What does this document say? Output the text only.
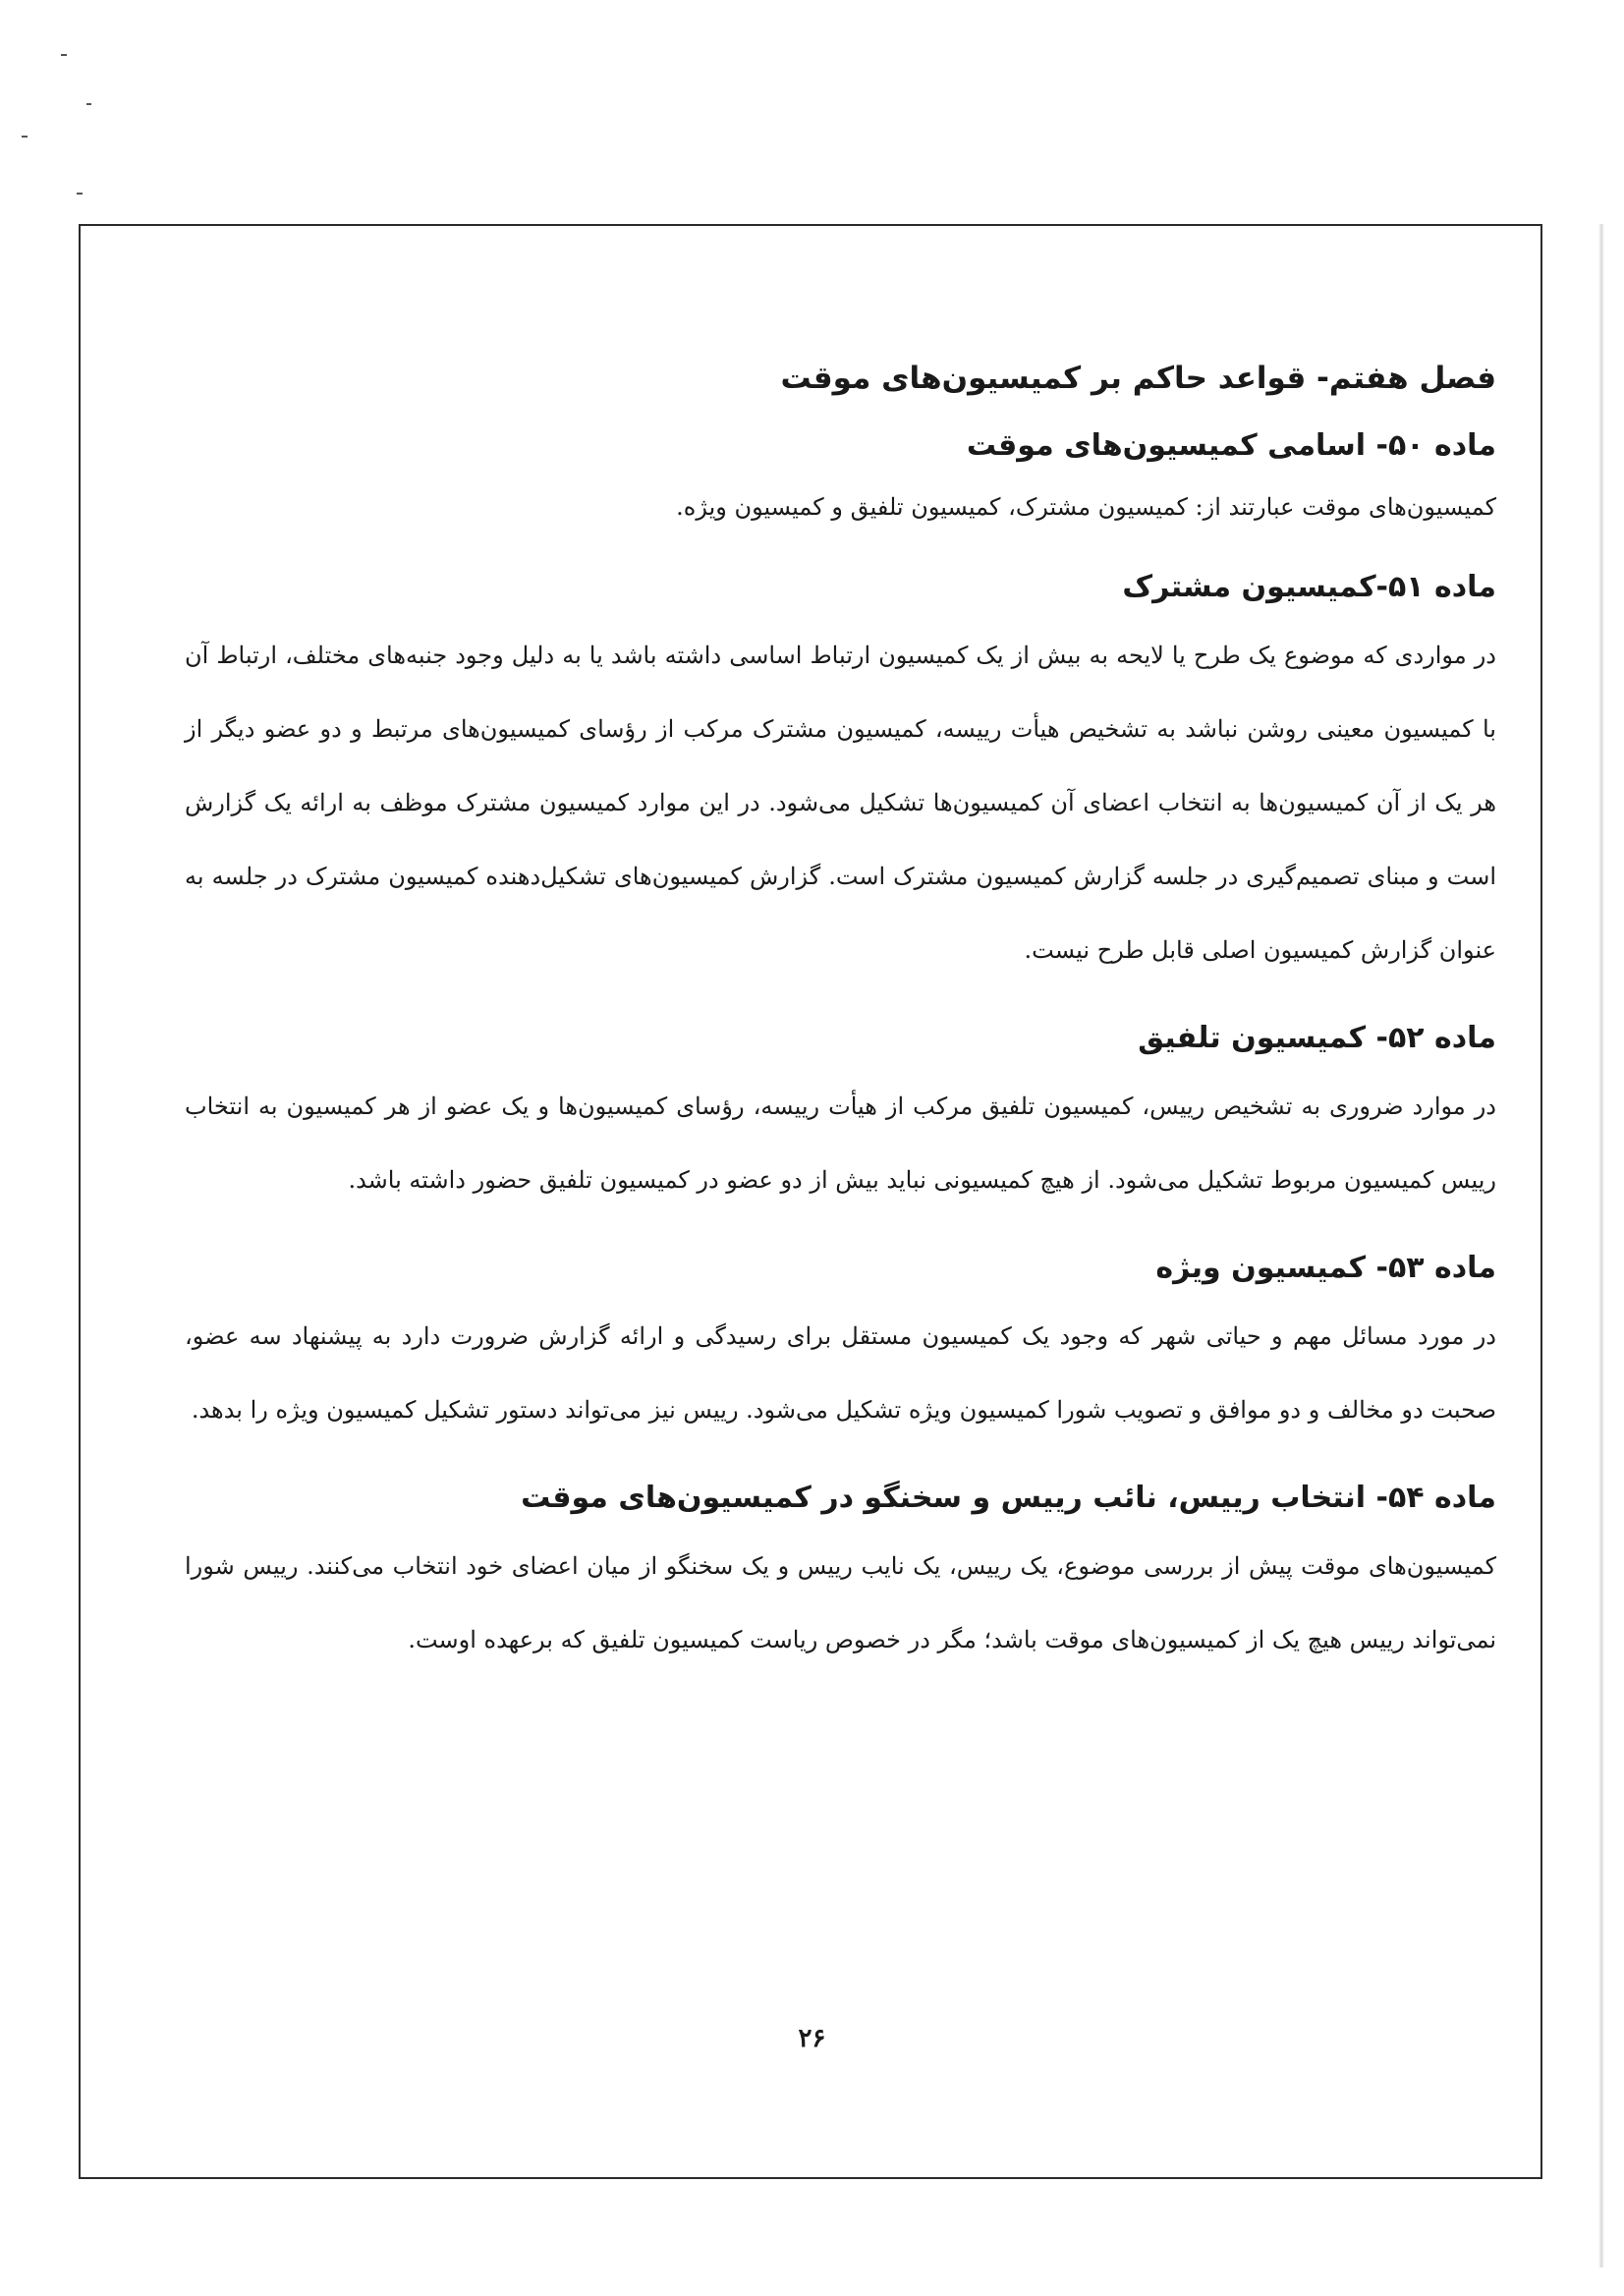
فصل هفتم- قواعد حاکم بر کمیسیون‌های موقت
ماده ۵۰- اسامی کمیسیون‌های موقت

کمیسیون‌های موقت عبارتند از: کمیسیون مشترک، کمیسیون تلفیق و کمیسیون ویژه.

ماده ۵۱-کمیسیون مشترک

در مواردی که موضوع یک طرح یا لایحه به بیش از یک کمیسیون ارتباط اساسی داشته باشد یا به دلیل وجود جنبه‌های مختلف، ارتباط آن با کمیسیون معینی روشن نباشد به تشخیص هیأت رییسه، کمیسیون مشترک مرکب از رؤسای کمیسیون‌های مرتبط و دو عضو دیگر از هر یک از آن کمیسیون‌ها به انتخاب اعضای آن کمیسیون‌ها تشکیل می‌شود. در این موارد کمیسیون مشترک موظف به ارائه یک گزارش است و مبنای تصمیم‌گیری در جلسه گزارش کمیسیون مشترک است. گزارش کمیسیون‌های تشکیل‌دهنده کمیسیون مشترک در جلسه به عنوان گزارش کمیسیون اصلی قابل طرح نیست.

ماده ۵۲- کمیسیون تلفیق

در موارد ضروری به تشخیص رییس، کمیسیون تلفیق مرکب از هیأت رییسه، رؤسای کمیسیون‌ها و یک عضو از هر کمیسیون به انتخاب رییس کمیسیون مربوط تشکیل می‌شود. از هیچ کمیسیونی نباید بیش از دو عضو در کمیسیون تلفیق حضور داشته باشد.

ماده ۵۳- کمیسیون ویژه

در مورد مسائل مهم و حیاتی شهر که وجود یک کمیسیون مستقل برای رسیدگی و ارائه گزارش ضرورت دارد به پیشنهاد سه عضو، صحبت دو مخالف و دو موافق و تصویب شورا کمیسیون ویژه تشکیل می‌شود. رییس نیز می‌تواند دستور تشکیل کمیسیون ویژه را بدهد.

ماده ۵۴- انتخاب رییس، نائب رییس و سخنگو در کمیسیون‌های موقت

کمیسیون‌های موقت پیش از بررسی موضوع، یک رییس، یک نایب رییس و یک سخنگو از میان اعضای خود انتخاب می‌کنند. رییس شورا نمی‌تواند رییس هیچ یک از کمیسیون‌های موقت باشد؛ مگر در خصوص ریاست کمیسیون تلفیق که برعهده اوست.

۲۶
